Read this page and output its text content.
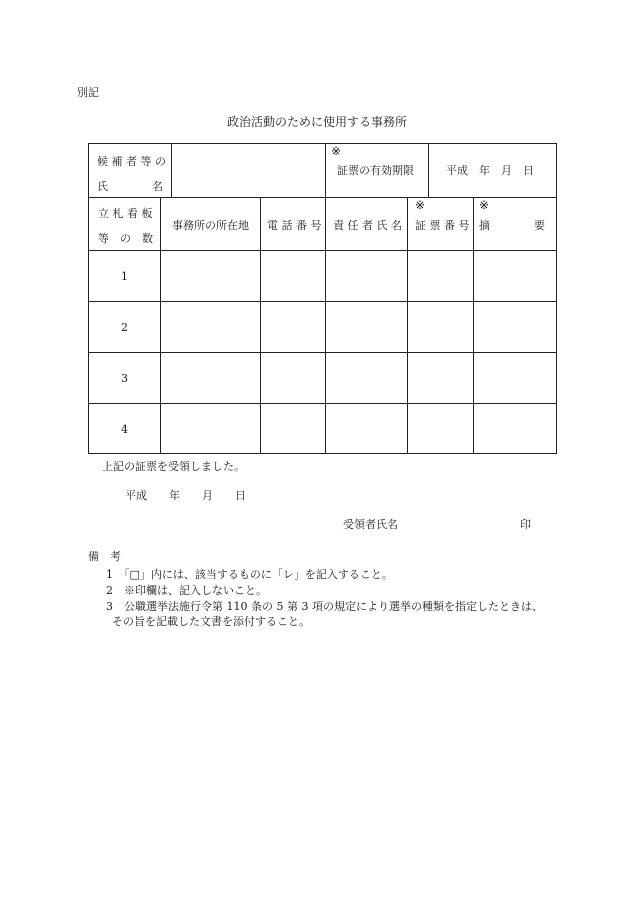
別記
政治活動のために使用する事務所
候 補 者 等 の
氏　　　　名
※
証票の有効期限	平成　年　月　日
立 札 看 板
等　の　数
事務所の所在地 電 話 番 号 責 任 者 氏 名
※
証 票 番 号
※
摘　　　　要
1
2
3
4
上記の証票を受領しました。
平成　　年　　月　　日
受領者氏名	印
備　考
1　「□」内には、該当するものに「レ」を記入すること。
2　※印欄は、記入しないこと。
3　公職選挙法施行令第 110 条の 5 第 3 項の規定により選挙の種類を指定したときは、
その旨を記載した文書を添付すること。
